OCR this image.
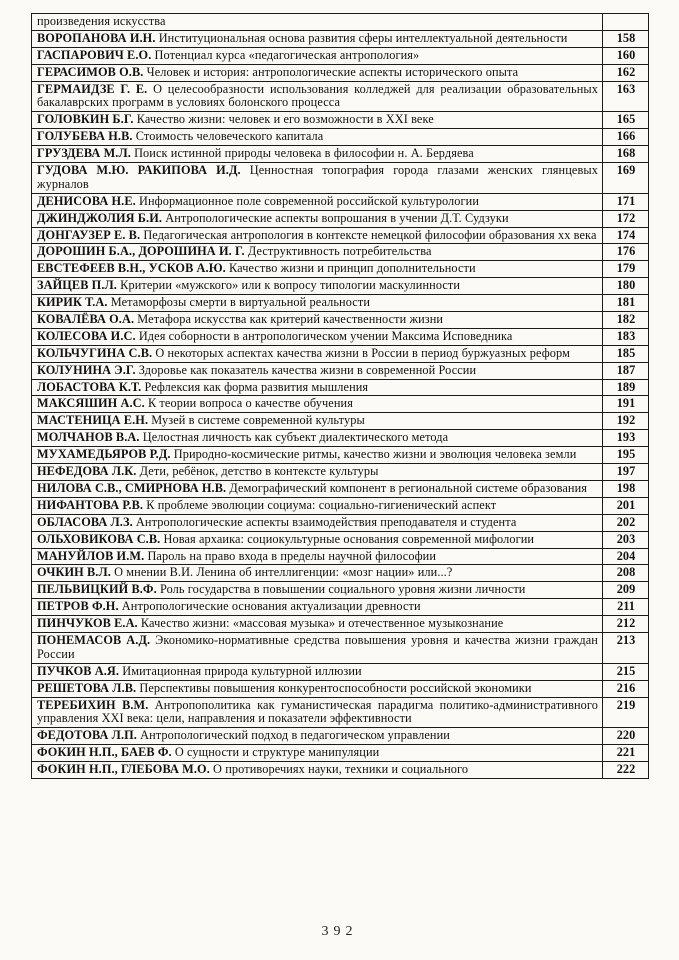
произведения искусства	
ВОРОПАНОВА И.Н. Институциональная основа развития сферы интеллектуальной деятельности	158
ГАСПАРОВИЧ Е.О. Потенциал курса «педагогическая антропология»	160
ГЕРАСИМОВ О.В. Человек и история: антропологические аспекты исторического опыта	162
ГЕРМАИДЗЕ Г. Е. О целесообразности использования колледжей для реализации образовательных бакалаврских программ в условиях болонского процесса	163
ГОЛОВКИН Б.Г. Качество жизни: человек и его возможности в XXI веке	165
ГОЛУБЕВА Н.В. Стоимость человеческого капитала	166
ГРУЗДЕВА М.Л. Поиск истинной природы человека в философии н. А. Бердяева	168
ГУДОВА М.Ю. РАКИПОВА И.Д. Ценностная топография города глазами женских глянцевых журналов	169
ДЕНИСОВА Н.Е. Информационное поле современной российской культурологии	171
ДЖИНДЖОЛИЯ Б.И. Антропологические аспекты вопрошания в учении Д.Т. Судзуки	172
ДОНГАУЗЕР Е. В. Педагогическая антропология в контексте немецкой философии образования xx века	174
ДОРОШИН Б.А., ДОРОШИНА И. Г. Деструктивность потребительства	176
ЕВСТЕФЕЕВ В.Н., УСКОВ А.Ю. Качество жизни и принцип дополнительности	179
ЗАЙЦЕВ П.Л. Критерии «мужского» или к вопросу типологии маскулинности	180
КИРИК Т.А. Метаморфозы смерти в виртуальной реальности	181
КОВАЛЁВА О.А. Метафора искусства как критерий качественности жизни	182
КОЛЕСОВА И.С. Идея соборности в антропологическом учении Максима Исповедника	183
КОЛЬЧУГИНА С.В. О некоторых аспектах качества жизни в России в период буржуазных реформ	185
КОЛУНИНА Э.Г. Здоровье как показатель качества жизни в современной России	187
ЛОБАСТОВА К.Т. Рефлексия как форма развития мышления	189
МАКСЯШИН А.С. К теории вопроса о качестве обучения	191
МАСТЕНИЦА Е.Н. Музей в системе современной культуры	192
МОЛЧАНОВ В.А. Целостная личность как субъект диалектического метода	193
МУХАМЕДЬЯРОВ Р.Д. Природно-космические ритмы, качество жизни и эволюция человека земли	195
НЕФЕДОВА Л.К. Дети, ребёнок, детство в контексте культуры	197
НИЛОВА С.В., СМИРНОВА Н.В. Демографический компонент в региональной системе образования	198
НИФАНТОВА Р.В. К проблеме эволюции социума: социально-гигиенический аспект	201
ОБЛАСОВА Л.З. Антропологические аспекты взаимодействия преподавателя и студента	202
ОЛЬХОВИКОВА С.В. Новая архаика: социокультурные основания современной мифологии	203
МАНУЙЛОВ И.М. Пароль на право входа в пределы научной философии	204
ОЧКИН В.Л. О мнении В.И. Ленина об интеллигенции: «мозг нации» или...?	208
ПЕЛЬВИЦКИЙ В.Ф. Роль государства в повышении социального уровня жизни личности	209
ПЕТРОВ Ф.Н. Антропологические основания актуализации древности	211
ПИНЧУКОВ Е.А. Качество жизни: «массовая музыка» и отечественное музыкознание	212
ПОНЕМАСОВ А.Д. Экономико-нормативные средства повышения уровня и качества жизни граждан России	213
ПУЧКОВ А.Я. Имитационная природа культурной иллюзии	215
РЕШЕТОВА Л.В. Перспективы повышения конкурентоспособности российской экономики	216
ТЕРЕБИХИН В.М. Антропополитика как гуманистическая парадигма политико-административного управления XXI века: цели, направления и показатели эффективности	219
ФЕДОТОВА Л.П. Антропологический подход в педагогическом управлении	220
ФОКИН Н.П., БАЕВ Ф. О сущности и структуре манипуляции	221
ФОКИН Н.П., ГЛЕБОВА М.О. О противоречиях науки, техники и социального	222
392
